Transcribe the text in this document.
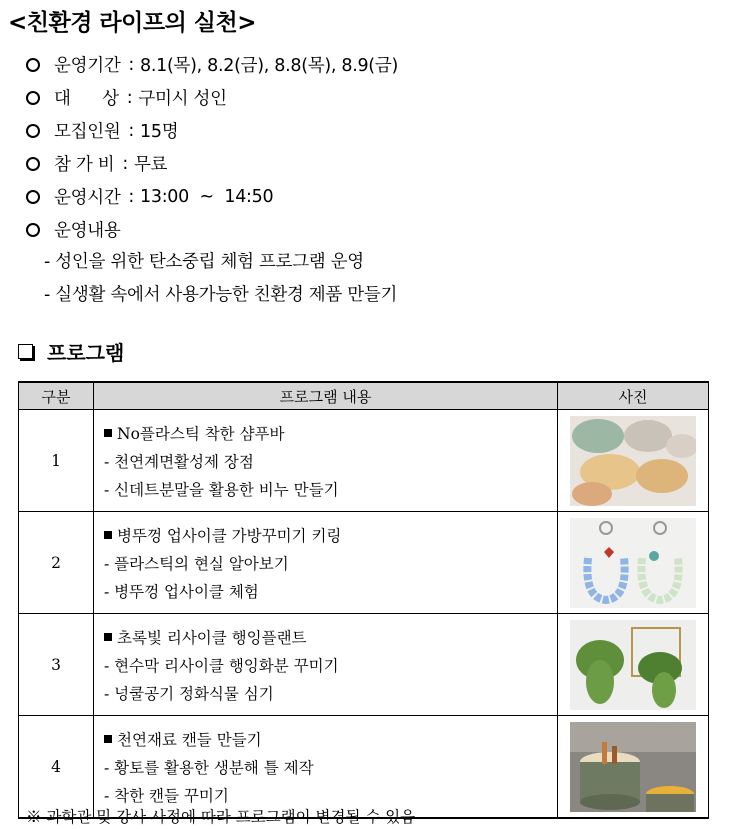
<친환경 라이프의 실천>
운영기간 : 8.1(목), 8.2(금), 8.8(목), 8.9(금)
대      상 : 구미시 성인
모집인원 : 15명
참 가 비 : 무료
운영시간 : 13:00  ~  14:50
운영내용
- 성인을 위한 탄소중립 체험 프로그램 운영
- 실생활 속에서 사용가능한 친환경 제품 만들기
프로그램
구분	프로그램 내용	사진
1	No플라스틱 착한 샴푸바
- 천연계면활성제 장점
- 신데트분말을 활용한 비누 만들기

2	병뚜껑 업사이클 가방꾸미기 키링
- 플라스틱의 현실 알아보기
- 병뚜껑 업사이클 체험

3	초록빛 리사이클 행잉플랜트
- 현수막 리사이클 행잉화분 꾸미기
- 넝쿨공기 정화식물 심기

4	천연재료 캔들 만들기
- 황토를 활용한 생분해 틀 제작
- 착한 캔들 꾸미기

※ 과학관 및 강사 사정에 따라 프로그램이 변경될 수 있음
